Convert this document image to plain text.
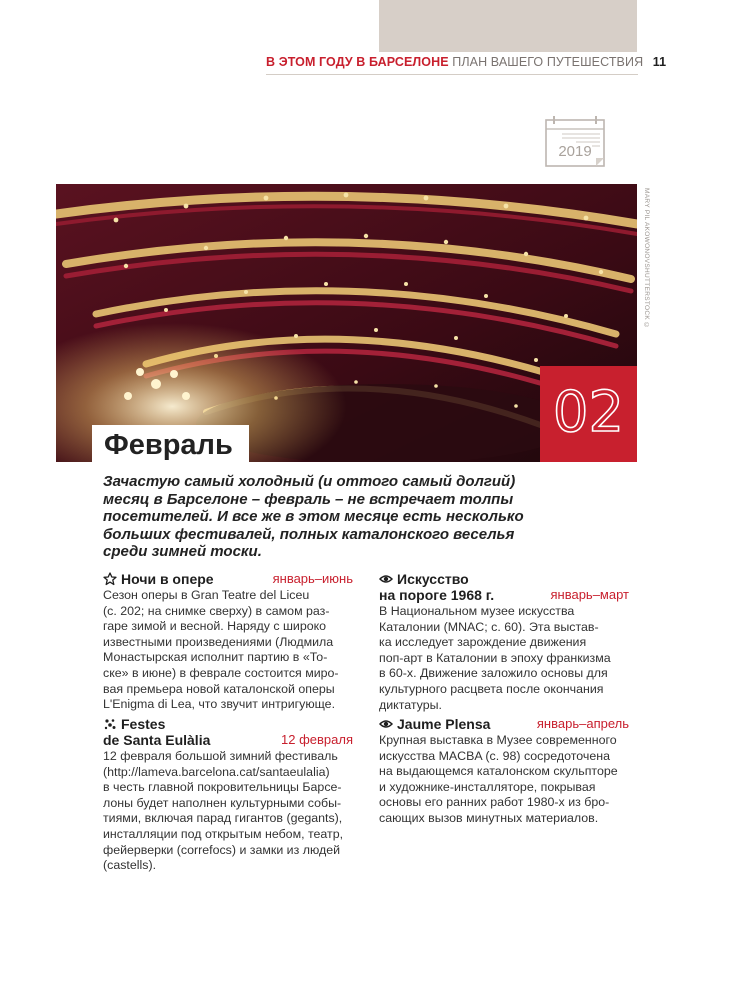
В ЭТОМ ГОДУ В БАРСЕЛОНЕ ПЛАН ВАШЕГО ПУТЕШЕСТВИЯ 11
2019
MARY PIL AKOWONOVSHUTTERSTOCK ©
02
Февраль

Зачастую самый холодный (и оттого самый долгий)

месяц в Барселоне – февраль – не встречает толпы

посетителей. И все же в этом месяце есть несколько

больших фестивалей, полных каталонского веселья

среди зимней тоски.

Ночи в опере	январь–июнь

Сезон оперы в Gran Teatre del Liceu

(с. 202; на снимке сверху) в самом раз-

гаре зимой и весной. Наряду с широко

известными произведениями (Людмила

Монастырская исполнит партию в «То-

ске» в июне) в феврале состоится миро-

вая премьера новой каталонской оперы

L'Enigma di Lea, что звучит интригующе.

Festes
de Santa Eulàlia	12 февраля

12 февраля большой зимний фестиваль

(http://lameva.barcelona.cat/santaeulalia)

в честь главной покровительницы Барсе-

лоны будет наполнен культурными собы-

тиями, включая парад гигантов (gegants),

инсталляции под открытым небом, театр,

фейерверки (correfocs) и замки из людей

(castells).

Искусство
на пороге 1968 г.	январь–март

В Национальном музее искусства

Каталонии (MNAC; с. 60). Эта выстав-

ка исследует зарождение движения

поп-арт в Каталонии в эпоху франкизма

в 60-х. Движение заложило основы для

культурного расцвета после окончания

диктатуры.

Jaume Plensa	январь–апрель

Крупная выставка в Музее современного

искусства MACBA (с. 98) сосредоточена

на выдающемся каталонском скульпторе

и художнике-инсталляторе, покрывая

основы его ранних работ 1980-х из бро-

сающих вызов минутных материалов.
